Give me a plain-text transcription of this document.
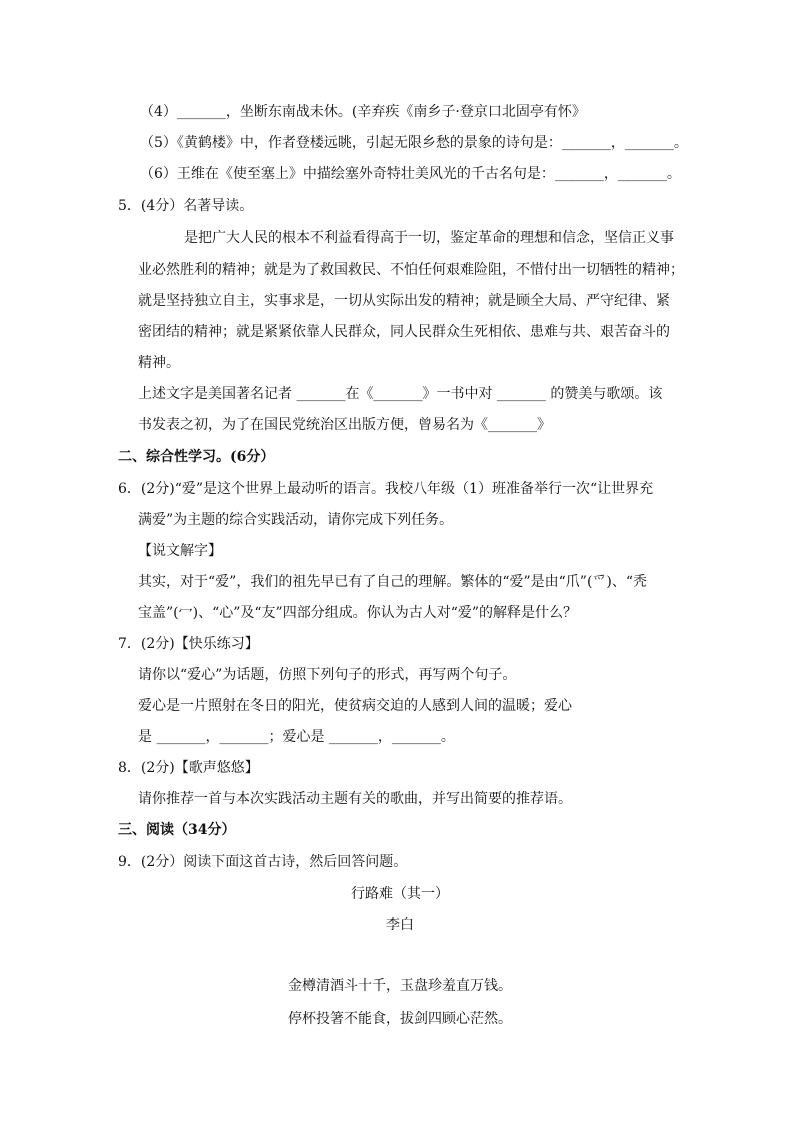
（4）_______，坐断东南战未休。(辛弃疾《南乡子·登京口北固亭有怀》
（5）《黄鹤楼》中，作者登楼远眺，引起无限乡愁的景象的诗句是：_______，_______。
（6）王维在《使至塞上》中描绘塞外奇特壮美风光的千古名句是：_______，_______。
5．(4分）名著导读。
是把广大人民的根本不利益看得高于一切，鉴定革命的理想和信念，坚信正义事
业必然胜利的精神；就是为了救国救民、不怕任何艰难险阻，不惜付出一切牺牲的精神；
就是坚持独立自主，实事求是，一切从实际出发的精神；就是顾全大局、严守纪律、紧
密团结的精神；就是紧紧依靠人民群众，同人民群众生死相依、患难与共、艰苦奋斗的
精神。
上述文字是美国著名记者 _______在《_______》一书中对 _______ 的赞美与歌颂。该
书发表之初，为了在国民党统治区出版方便，曾易名为《_______》
二、综合性学习。(6分）
6．(2分)“爱”是这个世界上最动听的语言。我校八年级（1）班准备举行一次“让世界充
满爱”为主题的综合实践活动，请你完成下列任务。
【说文解字】
其实，对于“爱”，我们的祖先早已有了自己的理解。繁体的“爱”是由“爪”(爫)、“秃
宝盖”(冖)、“心”及“友”四部分组成。你认为古人对“爱”的解释是什么？
7．(2分)【快乐练习】
请你以“爱心”为话题，仿照下列句子的形式，再写两个句子。
爱心是一片照射在冬日的阳光，使贫病交迫的人感到人间的温暖；爱心
是 _______，_______；爱心是 _______，_______。
8．(2分)【歌声悠悠】
请你推荐一首与本次实践活动主题有关的歌曲，并写出简要的推荐语。
三、阅读（34分）
9．(2分）阅读下面这首古诗，然后回答问题。
行路难（其一）
李白
金樽清酒斗十千，玉盘珍羞直万钱。
停杯投箸不能食，拔剑四顾心茫然。
